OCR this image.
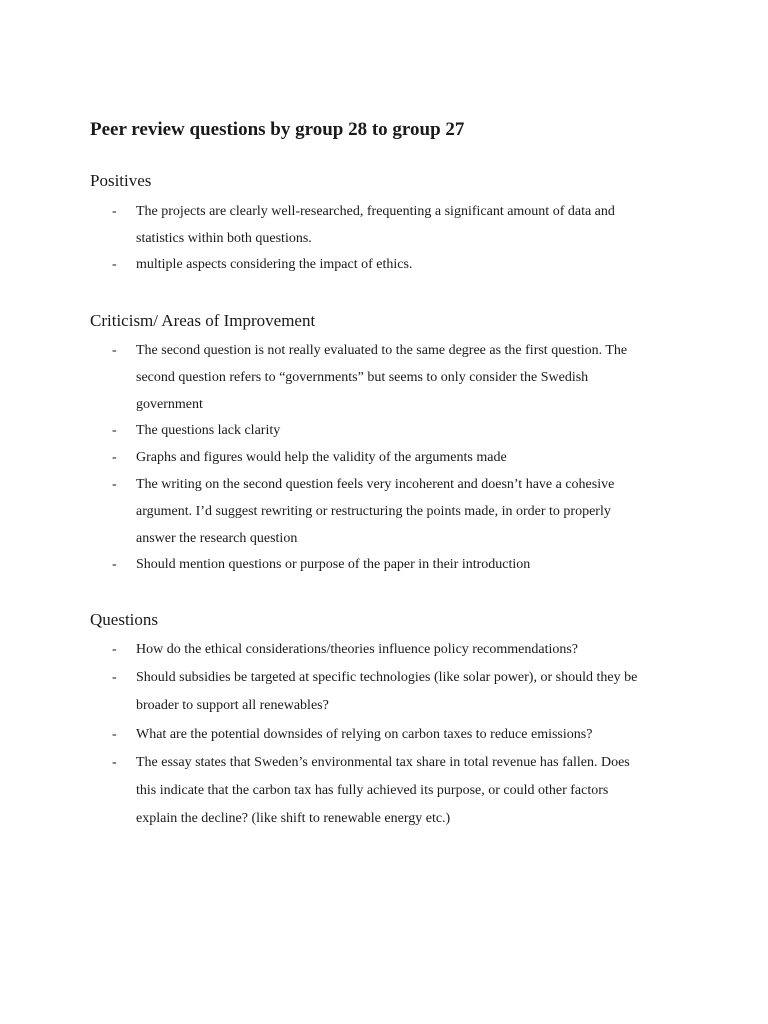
Peer review questions by group 28 to group 27
Positives
- The projects are clearly well-researched, frequenting a significant amount of data and
statistics within both questions.
- multiple aspects considering the impact of ethics.
Criticism/ Areas of Improvement
- The second question is not really evaluated to the same degree as the first question. The
second question refers to “governments” but seems to only consider the Swedish
government
- The questions lack clarity
- Graphs and figures would help the validity of the arguments made
- The writing on the second question feels very incoherent and doesn’t have a cohesive
argument. I’d suggest rewriting or restructuring the points made, in order to properly
answer the research question
- Should mention questions or purpose of the paper in their introduction
Questions
- How do the ethical considerations/theories influence policy recommendations?
- Should subsidies be targeted at specific technologies (like solar power), or should they be
broader to support all renewables?
- What are the potential downsides of relying on carbon taxes to reduce emissions?
- The essay states that Sweden’s environmental tax share in total revenue has fallen. Does
this indicate that the carbon tax has fully achieved its purpose, or could other factors
explain the decline? (like shift to renewable energy etc.)
